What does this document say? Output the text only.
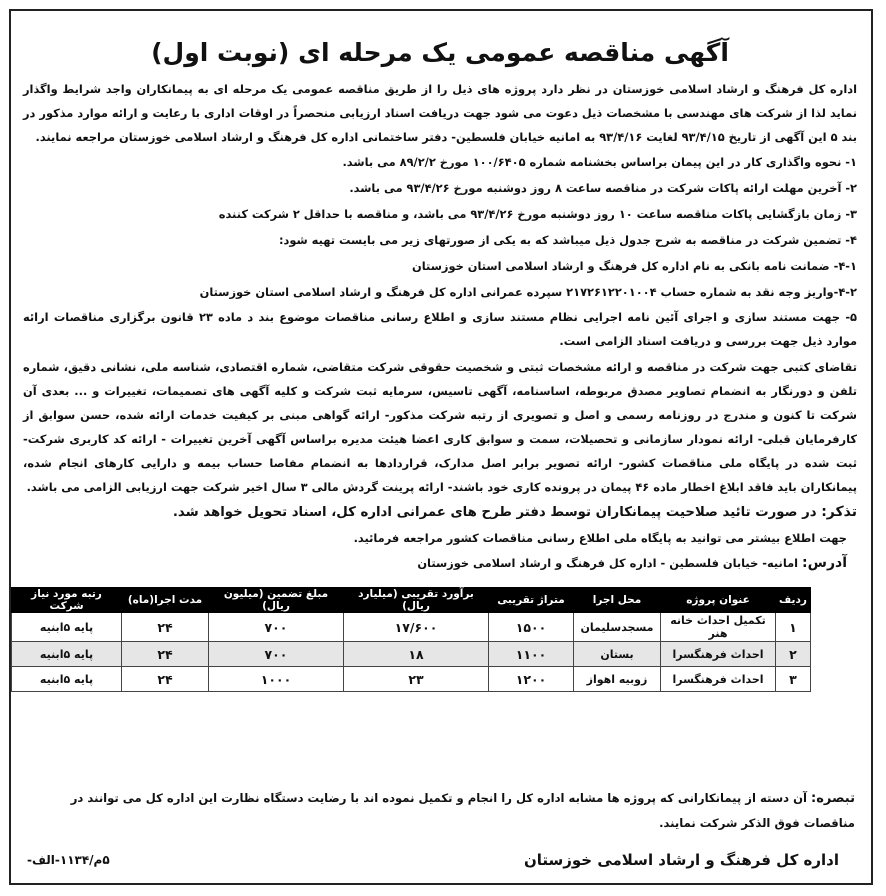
آگهی مناقصه عمومی یک مرحله ای (نوبت اول)
اداره کل فرهنگ و ارشاد اسلامی خوزستان در نظر دارد پروژه های ذیل را از طریق مناقصه عمومی یک مرحله ای به پیمانکاران واجد شرایط واگذار نماید لذا از شرکت های مهندسی با مشخصات ذیل دعوت می شود جهت دریافت اسناد ارزیابی منحصراً در اوقات اداری با رعایت و ارائه موارد مذکور در بند ۵ این آگهی از تاریخ ۹۳/۴/۱۵ لغایت ۹۳/۴/۱۶ به امانیه خیابان فلسطین- دفتر ساختمانی اداره کل فرهنگ و ارشاد اسلامی خوزستان مراجعه نمایند.
۱- نحوه واگذاری کار در این پیمان براساس بخشنامه شماره ۱۰۰/۶۴۰۵ مورخ ۸۹/۲/۲ می باشد.
۲- آخرین مهلت ارائه پاکات شرکت در مناقصه ساعت ۸ روز دوشنبه مورخ ۹۳/۴/۲۶ می باشد.
۳- زمان بازگشایی پاکات مناقصه ساعت ۱۰ روز دوشنبه مورخ ۹۳/۴/۲۶ می باشد، و مناقصه با حداقل ۲ شرکت کننده
۴- تضمین شرکت در مناقصه به شرح جدول ذیل میباشد که به یکی از صورتهای زیر می بایست تهیه شود:
۴-۱- ضمانت نامه بانکی به نام اداره کل فرهنگ و ارشاد اسلامی استان خوزستان
۴-۲-واریز وجه نقد به شماره حساب ۲۱۷۲۶۱۲۲۰۱۰۰۴ سپرده عمرانی اداره کل فرهنگ و ارشاد اسلامی استان خوزستان
۵- جهت مستند سازی و اجرای آئین نامه اجرایی نظام مستند سازی و اطلاع رسانی مناقصات موضوع بند د ماده ۲۳ قانون برگزاری مناقصات ارائه موارد ذیل جهت بررسی و دریافت اسناد الزامی است.
تقاضای کتبی جهت شرکت در مناقصه و ارائه مشخصات ثبتی و شخصیت حقوقی شرکت متقاضی، شماره اقتصادی، شناسه ملی، نشانی دقیق، شماره تلفن و دورنگار به انضمام تصاویر مصدق مربوطه، اساسنامه، آگهی تاسیس، سرمایه ثبت شرکت و کلیه آگهی های تصمیمات، تغییرات و ... بعدی آن شرکت تا کنون و مندرج در روزنامه رسمی و اصل و تصویری از رتبه شرکت مذکور- ارائه گواهی مبنی بر کیفیت خدمات ارائه شده، حسن سوابق از کارفرمایان قبلی- ارائه نمودار سازمانی و تحصیلات، سمت و سوابق کاری اعضا هیئت مدیره براساس آگهی آخرین تغییرات - ارائه کد کاربری شرکت- ثبت شده در پایگاه ملی مناقصات کشور- ارائه تصویر برابر اصل مدارک، قراردادها به انضمام مفاصا حساب بیمه و دارایی کارهای انجام شده، پیمانکاران باید فاقد ابلاغ اخطار ماده ۴۶ پیمان در پرونده کاری خود باشند- ارائه پرینت گردش مالی ۳ سال اخیر شرکت جهت ارزیابی الزامی می باشد.
تذکر: در صورت تائید صلاحیت پیمانکاران توسط دفتر طرح های عمرانی اداره کل، اسناد تحویل خواهد شد.
جهت اطلاع بیشتر می توانید به پایگاه ملی اطلاع رسانی مناقصات کشور مراجعه فرمائید.
آدرس: امانیه- خیابان فلسطین - اداره کل فرهنگ و ارشاد اسلامی خوزستان
ردیف	عنوان پروژه	محل اجرا	متراژ تقریبی	برآورد تقریبی (میلیارد ریال)	مبلغ تضمین (میلیون ریال)	مدت اجرا(ماه)	رتبه مورد نیاز شرکت
۱	تکمیل احداث خانه هنر	مسجدسلیمان	۱۵۰۰	۱۷/۶۰۰	۷۰۰	۲۴	پایه ۵ابنیه
۲	احداث فرهنگسرا	بستان	۱۱۰۰	۱۸	۷۰۰	۲۴	پایه ۵ابنیه
۳	احداث فرهنگسرا	زوبیه اهواز	۱۲۰۰	۲۳	۱۰۰۰	۲۴	پایه ۵ابنیه
تبصره: آن دسته از پیمانکارانی که پروژه ها مشابه اداره کل را انجام و تکمیل نموده اند با رضایت دستگاه نظارت این اداره کل می توانند در مناقصات فوق الذکر شرکت نمایند.
اداره کل فرهنگ و ارشاد اسلامی خوزستان
۵م/۱۱۳۴-الف-
